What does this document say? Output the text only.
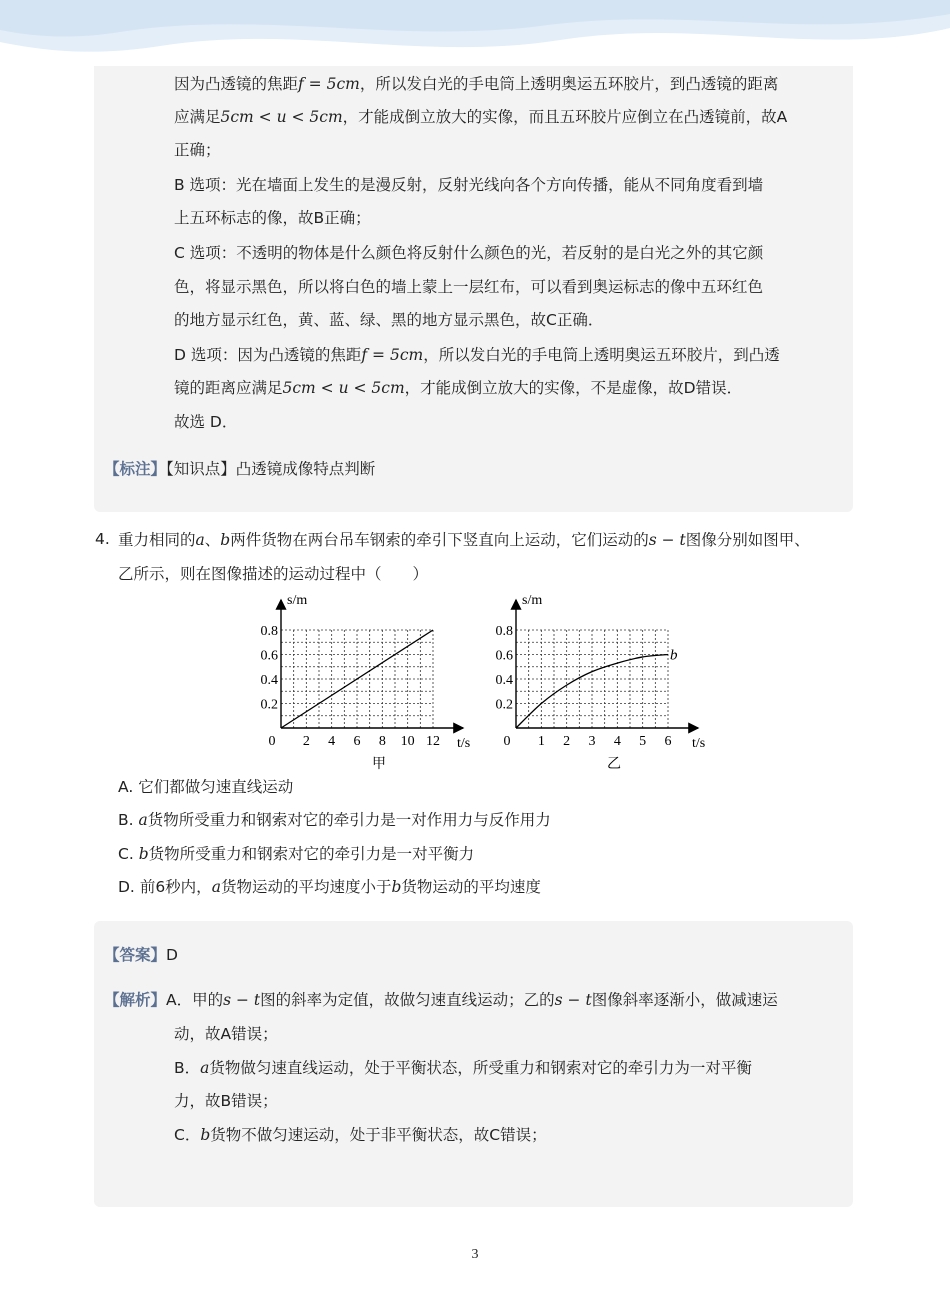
因为凸透镜的焦距f = 5cm，所以发白光的手电筒上透明奥运五环胶片，到凸透镜的距离
应满足5cm < u < 5cm，才能成倒立放大的实像，而且五环胶片应倒立在凸透镜前，故A
正确；
B 选项：光在墙面上发生的是漫反射，反射光线向各个方向传播，能从不同角度看到墙
上五环标志的像，故B正确；
C 选项：不透明的物体是什么颜色将反射什么颜色的光，若反射的是白光之外的其它颜
色，将显示黑色，所以将白色的墙上蒙上一层红布，可以看到奥运标志的像中五环红色
的地方显示红色，黄、蓝、绿、黑的地方显示黑色，故C正确．
D 选项：因为凸透镜的焦距f = 5cm，所以发白光的手电筒上透明奥运五环胶片，到凸透
镜的距离应满足5cm < u < 5cm，才能成倒立放大的实像，不是虚像，故D错误．
故选 D．
【标注】【知识点】凸透镜成像特点判断
4. 重力相同的a、b两件货物在两台吊车钢索的牵引下竖直向上运动，它们运动的s − t图像分别如图甲、
乙所示，则在图像描述的运动过程中（　　）
0 2 4 6 8 10 12
0.2
0.4
0.6
0.8
s/m
t/s
甲
0 1 2 3 4 5 6
0.2
0.4
0.6
0.8
s/m
t/s
乙
b
A. 它们都做匀速直线运动
B. a货物所受重力和钢索对它的牵引力是一对作用力与反作用力
C. b货物所受重力和钢索对它的牵引力是一对平衡力
D. 前6秒内，a货物运动的平均速度小于b货物运动的平均速度
【答案】D
【解析】A．甲的s − t图的斜率为定值，故做匀速直线运动；乙的s − t图像斜率逐渐小，做减速运
动，故A错误；
B．a货物做匀速直线运动，处于平衡状态，所受重力和钢索对它的牵引力为一对平衡
力，故B错误；
C．b货物不做匀速运动，处于非平衡状态，故C错误；
3
